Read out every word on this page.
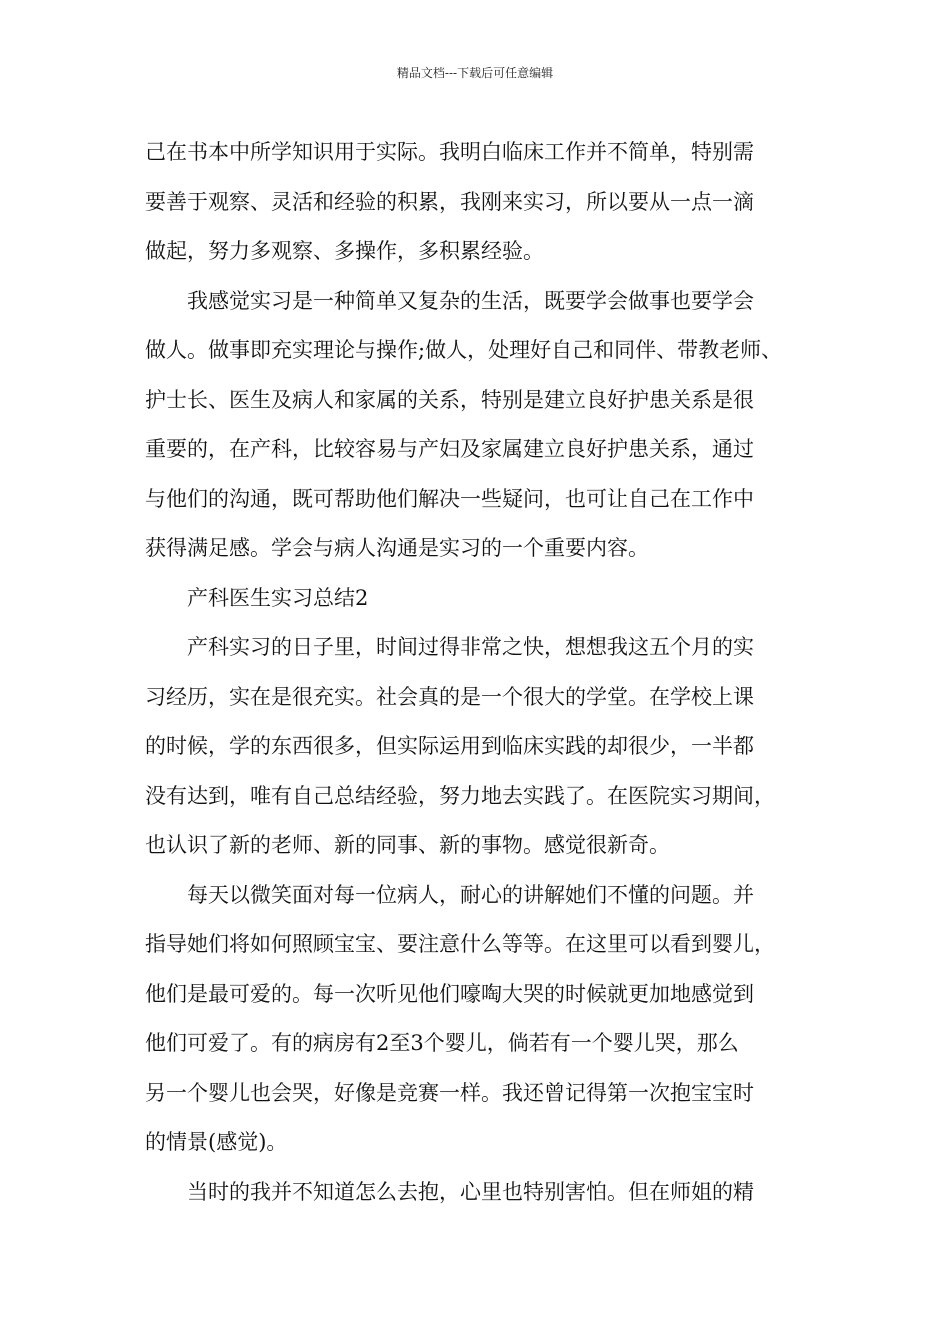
精品文档---下载后可任意编辑
己在书本中所学知识用于实际。我明白临床工作并不简单，特别需
要善于观察、灵活和经验的积累，我刚来实习，所以要从一点一滴
做起，努力多观察、多操作，多积累经验。
我感觉实习是一种简单又复杂的生活，既要学会做事也要学会
做人。做事即充实理论与操作;做人，处理好自己和同伴、带教老师、
护士长、医生及病人和家属的关系，特别是建立良好护患关系是很
重要的，在产科，比较容易与产妇及家属建立良好护患关系，通过
与他们的沟通，既可帮助他们解决一些疑问，也可让自己在工作中
获得满足感。学会与病人沟通是实习的一个重要内容。
产科医生实习总结2
产科实习的日子里，时间过得非常之快，想想我这五个月的实
习经历，实在是很充实。社会真的是一个很大的学堂。在学校上课
的时候，学的东西很多，但实际运用到临床实践的却很少，一半都
没有达到，唯有自己总结经验，努力地去实践了。在医院实习期间，
也认识了新的老师、新的同事、新的事物。感觉很新奇。
每天以微笑面对每一位病人，耐心的讲解她们不懂的问题。并
指导她们将如何照顾宝宝、要注意什么等等。在这里可以看到婴儿，
他们是最可爱的。每一次听见他们嚎啕大哭的时候就更加地感觉到
他们可爱了。有的病房有2至3个婴儿，倘若有一个婴儿哭，那么
另一个婴儿也会哭，好像是竞赛一样。我还曾记得第一次抱宝宝时
的情景(感觉)。
当时的我并不知道怎么去抱，心里也特别害怕。但在师姐的精
